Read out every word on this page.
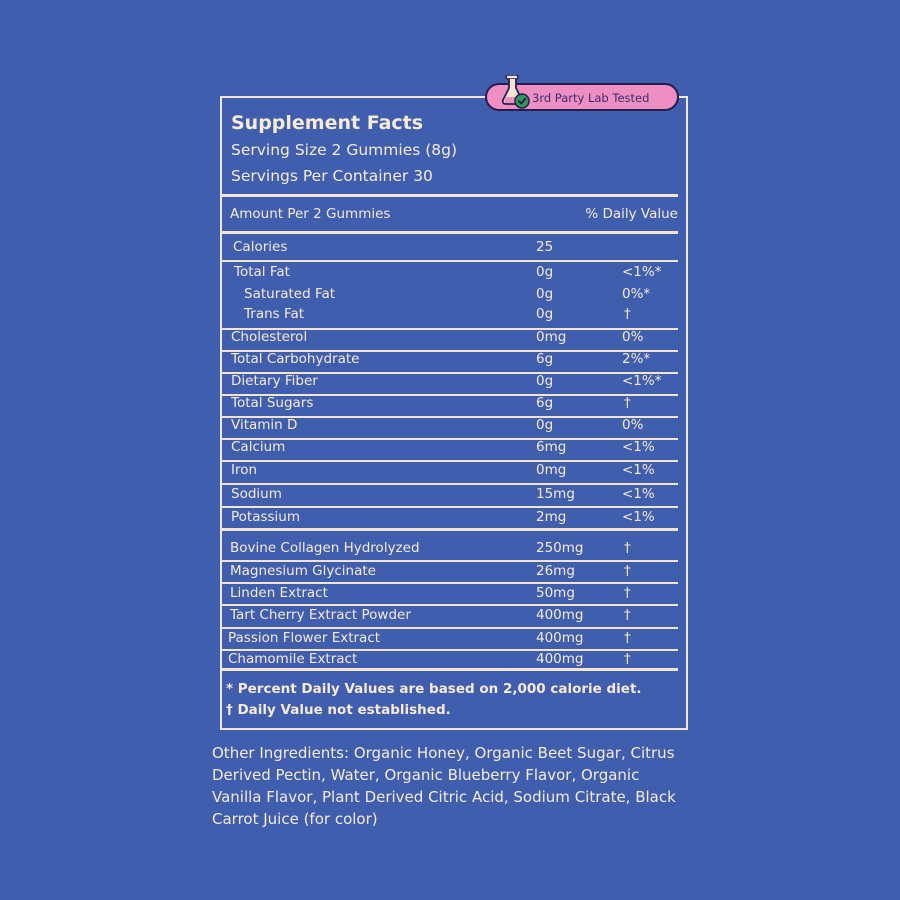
3rd Party Lab Tested
Supplement Facts
Serving Size 2 Gummies (8g)
Servings Per Container 30
Amount Per 2 Gummies	% Daily Value
Calories	25
Total Fat	0g	<1%*
Saturated Fat	0g	0%*
Trans Fat	0g	†
Cholesterol	0mg	0%
Total Carbohydrate	6g	2%*
Dietary Fiber	0g	<1%*
Total Sugars	6g	†
Vitamin D	0g	0%
Calcium	6mg	<1%
Iron	0mg	<1%
Sodium	15mg	<1%
Potassium	2mg	<1%
Bovine Collagen Hydrolyzed	250mg	†
Magnesium Glycinate	26mg	†
Linden Extract	50mg	†
Tart Cherry Extract Powder	400mg	†
Passion Flower Extract	400mg	†
Chamomile Extract	400mg	†
* Percent Daily Values are based on 2,000 calorie diet.
† Daily Value not established.
Other Ingredients: Organic Honey, Organic Beet Sugar, Citrus Derived Pectin, Water, Organic Blueberry Flavor, Organic Vanilla Flavor, Plant Derived Citric Acid, Sodium Citrate, Black Carrot Juice (for color)
